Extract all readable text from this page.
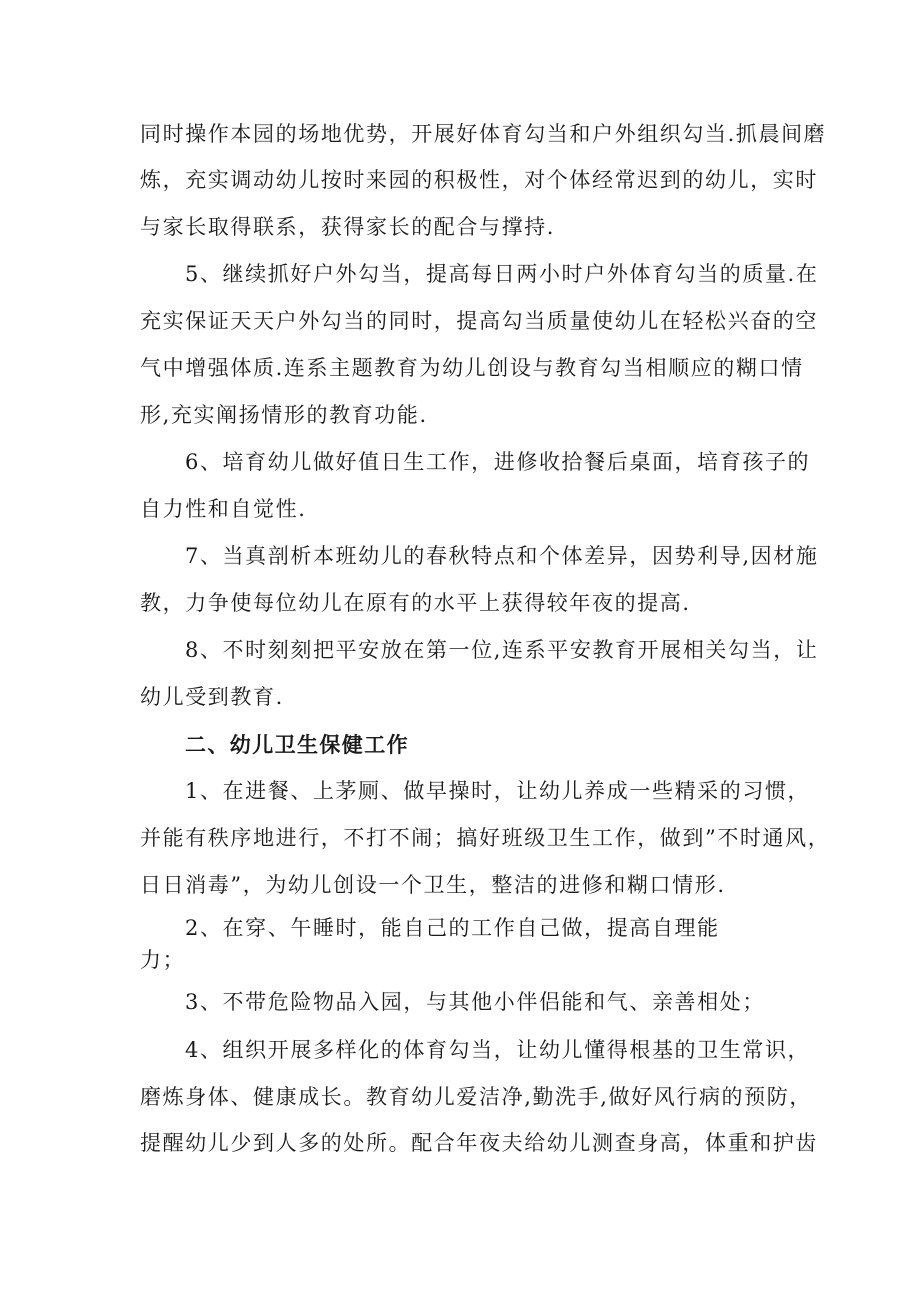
同时操作本园的场地优势，开展好体育勾当和户外组织勾当.抓晨间磨
炼，充实调动幼儿按时来园的积极性，对个体经常迟到的幼儿，实时
与家长取得联系，获得家长的配合与撑持.
5、继续抓好户外勾当，提高每日两小时户外体育勾当的质量.在
充实保证天天户外勾当的同时，提高勾当质量使幼儿在轻松兴奋的空
气中增强体质.连系主题教育为幼儿创设与教育勾当相顺应的糊口情
形,充实阐扬情形的教育功能.
6、培育幼儿做好值日生工作，进修收拾餐后桌面，培育孩子的
自力性和自觉性.
7、当真剖析本班幼儿的春秋特点和个体差异，因势利导,因材施
教，力争使每位幼儿在原有的水平上获得较年夜的提高.
8、不时刻刻把平安放在第一位,连系平安教育开展相关勾当，让
幼儿受到教育.
二、幼儿卫生保健工作
1、在进餐、上茅厕、做早操时，让幼儿养成一些精采的习惯，
并能有秩序地进行，不打不闹；搞好班级卫生工作，做到”不时通风，
日日消毒”，为幼儿创设一个卫生，整洁的进修和糊口情形.
2、在穿、午睡时，能自己的工作自己做，提高自理能
力；
3、不带危险物品入园，与其他小伴侣能和气、亲善相处；
4、组织开展多样化的体育勾当，让幼儿懂得根基的卫生常识，
磨炼身体、健康成长。教育幼儿爱洁净,勤洗手,做好风行病的预防，
提醒幼儿少到人多的处所。配合年夜夫给幼儿测查身高，体重和护齿
